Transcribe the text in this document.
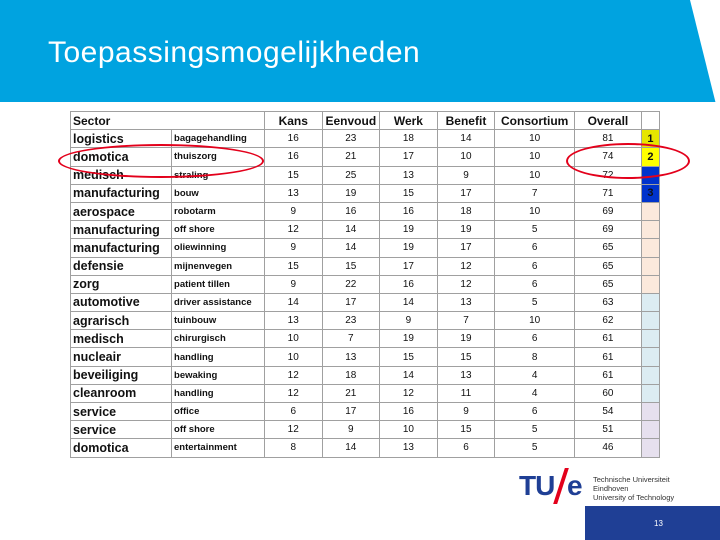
Toepassingsmogelijkheden
Sector		Kans	Eenvoud	Werk	Benefit	Consortium	Overall	
logistics	bagagehandling	16	23	18	14	10	81	1
domotica	thuiszorg	16	21	17	10	10	74	2
medisch	straling	15	25	13	9	10	72	
manufacturing	bouw	13	19	15	17	7	71	3
aerospace	robotarm	9	16	16	18	10	69	
manufacturing	off shore	12	14	19	19	5	69	
manufacturing	oliewinning	9	14	19	17	6	65	
defensie	mijnenvegen	15	15	17	12	6	65	
zorg	patient tillen	9	22	16	12	6	65	
automotive	driver assistance	14	17	14	13	5	63	
agrarisch	tuinbouw	13	23	9	7	10	62	
medisch	chirurgisch	10	7	19	19	6	61	
nucleair	handling	10	13	15	15	8	61	
beveiliging	bewaking	12	18	14	13	4	61	
cleanroom	handling	12	21	12	11	4	60	
service	office	6	17	16	9	6	54	
service	off shore	12	9	10	15	5	51	
domotica	entertainment	8	14	13	6	5	46	
TU e Technische Universiteit
Eindhoven
University of Technology
13
